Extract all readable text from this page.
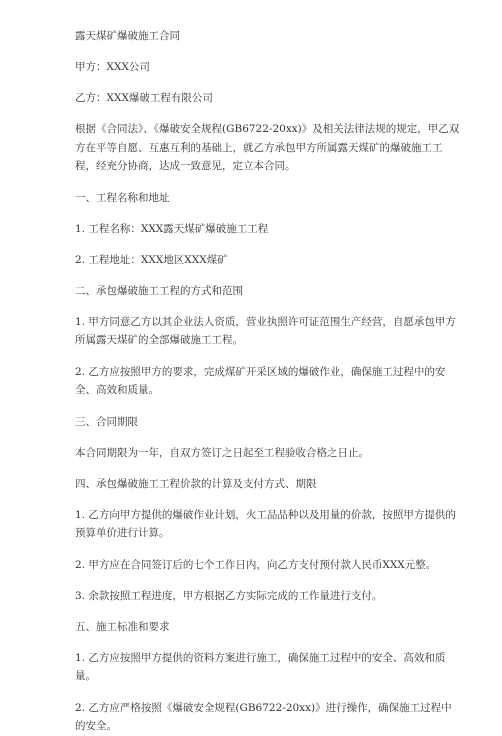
露天煤矿爆破施工合同

甲方：XXX公司

乙方：XXX爆破工程有限公司

根据《合同法》、《爆破安全规程(GB6722-20xx)》及相关法律法规的规定，甲乙双方在平等自愿、互惠互利的基础上，就乙方承包甲方所属露天煤矿的爆破施工工程，经充分协商，达成一致意见，定立本合同。

一、工程名称和地址

1. 工程名称：XXX露天煤矿爆破施工工程

2. 工程地址：XXX地区XXX煤矿

二、承包爆破施工工程的方式和范围

1. 甲方同意乙方以其企业法人资质，营业执照许可证范围生产经营，自愿承包甲方所属露天煤矿的全部爆破施工工程。

2. 乙方应按照甲方的要求，完成煤矿开采区域的爆破作业，确保施工过程中的安全、高效和质量。

三、合同期限

本合同期限为一年，自双方签订之日起至工程验收合格之日止。

四、承包爆破施工工程价款的计算及支付方式、期限

1. 乙方向甲方提供的爆破作业计划，火工品品种以及用量的价款，按照甲方提供的预算单价进行计算。

2. 甲方应在合同签订后的七个工作日内，向乙方支付预付款人民币XXX元整。

3. 余款按照工程进度，甲方根据乙方实际完成的工作量进行支付。

五、施工标准和要求

1. 乙方应按照甲方提供的资料方案进行施工，确保施工过程中的安全、高效和质量。

2. 乙方应严格按照《爆破安全规程(GB6722-20xx)》进行操作，确保施工过程中的安全。
